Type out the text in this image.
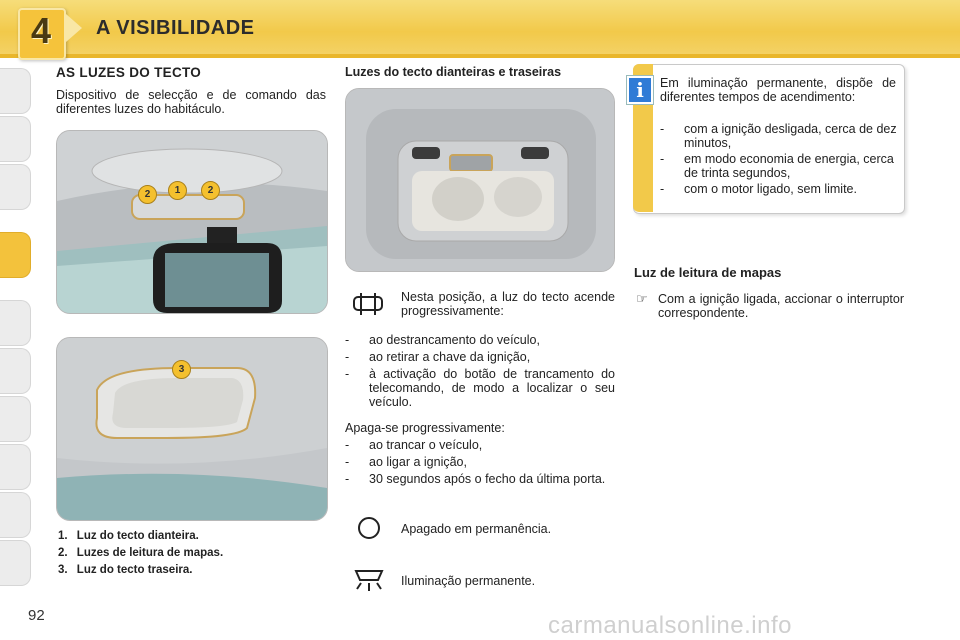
4	A VISIBILIDADE
AS LUZES DO TECTO
Dispositivo de selecção e de comando das diferentes luzes do habitáculo.
2	1	2
3
1. Luz do tecto dianteira.
2. Luzes de leitura de mapas.
3. Luz do tecto traseira.
Luzes do tecto dianteiras e traseiras
Nesta posição, a luz do tecto acende progressivamente:
- ao destrancamento do veículo,
- ao retirar a chave da ignição,
- à activação do botão de trancamento do telecomando, de modo a localizar o seu veículo.
Apaga-se progressivamente:
- ao trancar o veículo,
- ao ligar a ignição,
- 30 segundos após o fecho da última porta.
Apagado em permanência.
Iluminação permanente.
i	Em iluminação permanente, dispõe de diferentes tempos de acendimento:
- com a ignição desligada, cerca de dez minutos,
- em modo economia de energia, cerca de trinta segundos,
- com o motor ligado, sem limite.
Luz de leitura de mapas
☞ Com a ignição ligada, accionar o interruptor correspondente.
92	carmanualsonline.info
